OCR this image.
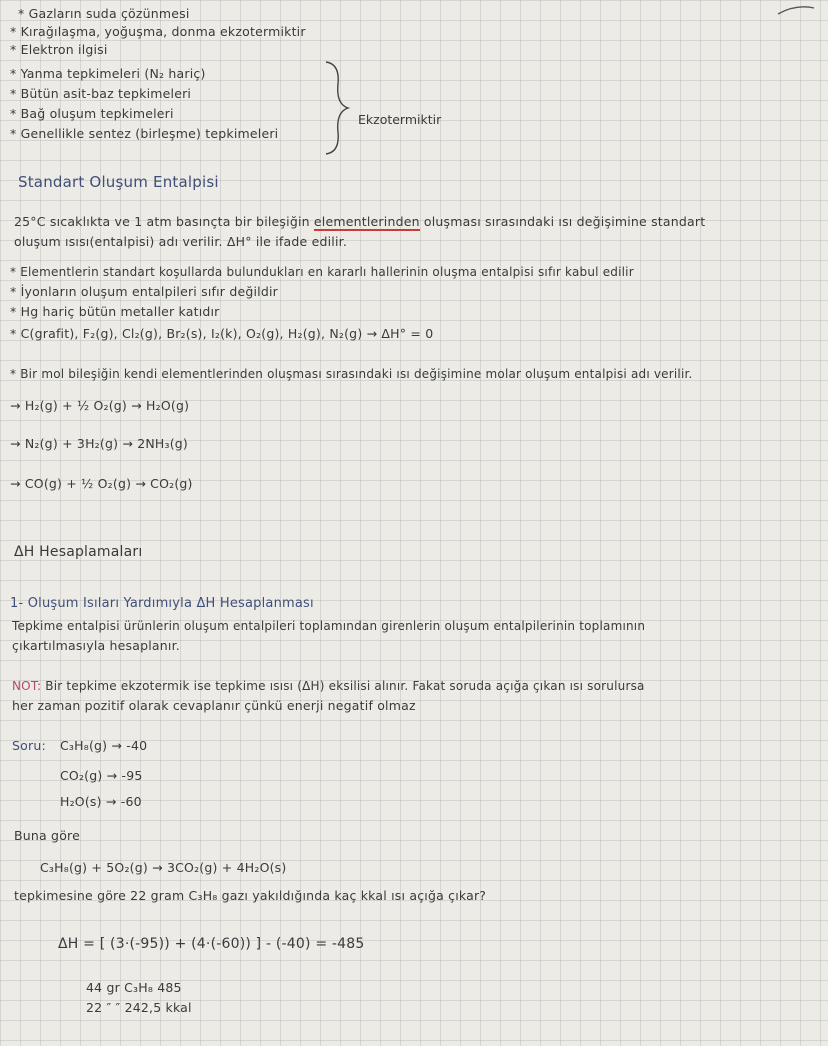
* Gazların suda çözünmesi
* Kırağılaşma, yoğuşma, donma ekzotermiktir
* Elektron ilgisi
* Yanma tepkimeleri (N₂ hariç)
* Bütün asit-baz tepkimeleri
* Bağ oluşum tepkimeleri
* Genellikle sentez (birleşme) tepkimeleri
Ekzotermiktir
Standart Oluşum Entalpisi
25°C sıcaklıkta ve 1 atm basınçta bir bileşiğin elementlerinden oluşması sırasındaki ısı değişimine standart
oluşum ısısı(entalpisi) adı verilir. ΔH° ile ifade edilir.
* Elementlerin standart koşullarda bulundukları en kararlı hallerinin oluşma entalpisi sıfır kabul edilir
* İyonların oluşum entalpileri sıfır değildir
* Hg hariç bütün metaller katıdır
* C(grafit), F₂(g), Cl₂(g), Br₂(s), I₂(k), O₂(g), H₂(g), N₂(g) → ΔH° = 0
* Bir mol bileşiğin kendi elementlerinden oluşması sırasındaki ısı değişimine molar oluşum entalpisi adı verilir.
→ H₂(g) + ½ O₂(g) → H₂O(g)
→ N₂(g) + 3H₂(g) → 2NH₃(g)
→ CO(g) + ½ O₂(g) → CO₂(g)
ΔH Hesaplamaları
1- Oluşum Isıları Yardımıyla ΔH Hesaplanması
Tepkime entalpisi ürünlerin oluşum entalpileri toplamından girenlerin oluşum entalpilerinin toplamının
çıkartılmasıyla hesaplanır.
NOT: Bir tepkime ekzotermik ise tepkime ısısı (ΔH) eksilisi alınır. Fakat soruda açığa çıkan ısı sorulursa
her zaman pozitif olarak cevaplanır çünkü enerji negatif olmaz
Soru: C₃H₈(g) → -40
CO₂(g) → -95
H₂O(s) → -60
Buna göre
C₃H₈(g) + 5O₂(g) → 3CO₂(g) + 4H₂O(s)
tepkimesine göre 22 gram C₃H₈ gazı yakıldığında kaç kkal ısı açığa çıkar?
ΔH = [ (3·(-95)) + (4·(-60)) ] - (-40) = -485
44 gr C₃H₈ 485
22 ″ ″ 242,5 kkal
